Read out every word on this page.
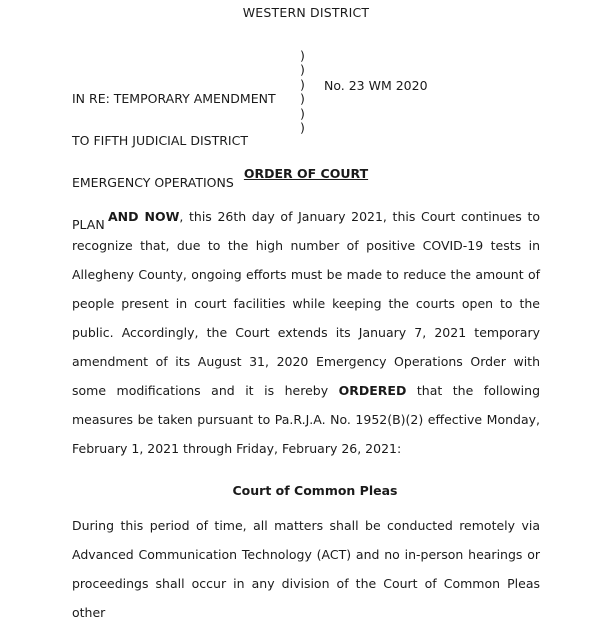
WESTERN DISTRICT

IN RE: TEMPORARY AMENDMENT

TO FIFTH JUDICIAL DISTRICT

EMERGENCY OPERATIONS

PLAN

)
)
)
)
)
)
No. 23 WM 2020
ORDER OF COURT
AND NOW, this 26th day of January 2021, this Court continues to recognize that, due to the high number of positive COVID-19 tests in Allegheny County, ongoing efforts must be made to reduce the amount of people present in court facilities while keeping the courts open to the public. Accordingly, the Court extends its January 7, 2021 temporary amendment of its August 31, 2020 Emergency Operations Order with some modifications and it is hereby ORDERED that the following measures be taken pursuant to Pa.R.J.A. No. 1952(B)(2) effective Monday, February 1, 2021 through Friday, February 26, 2021:
Court of Common Pleas
During this period of time, all matters shall be conducted remotely via Advanced Communication Technology (ACT) and no in-person hearings or proceedings shall occur in any division of the Court of Common Pleas other
